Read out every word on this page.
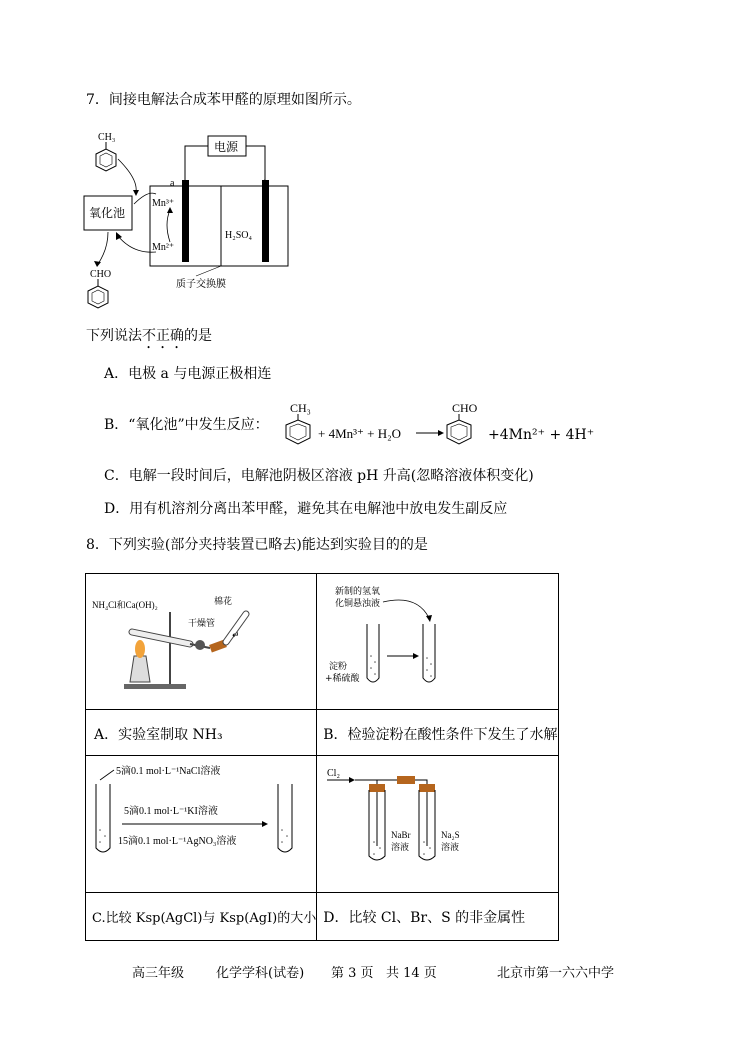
7．间接电解法合成苯甲醛的原理如图所示。
CH₃
氧化池
CHO
电源
a	b
质子交换膜
Mn³⁺
Mn²⁺
H₂SO₄
下列说法不正确的是
A．电极 a 与电源正极相连
B．“氧化池”中发生反应：
CH₃
+ 4Mn³⁺ + H₂O
CHO
+4Mn²⁺ + 4H⁺
C．电解一段时间后，电解池阴极区溶液 pH 升高(忽略溶液体积变化)
D．用有机溶剂分离出苯甲醛，避免其在电解池中放电发生副反应
8．下列实验(部分夹持装置已略去)能达到实验目的的是
NH₄Cl和Ca(OH)₂ 棉花
干燥管
↵	新制的氢氧
化铜悬浊液
淀粉
+稀硫酸

A．实验室制取 NH₃	B．检验淀粉在酸性条件下发生了水解

5滴0.1 mol·L⁻¹NaCl溶液
5滴0.1 mol·L⁻¹KI溶液
15滴0.1 mol·L⁻¹AgNO₃溶液	Cl₂
NaBr
溶液
Na₂S
溶液

C.比较 Ksp(AgCl)与 Ksp(AgI)的大小	D．比较 Cl、Br、S 的非金属性
高三年级 化学学科(试卷) 第 3 页 共 14 页	北京市第一六六中学
